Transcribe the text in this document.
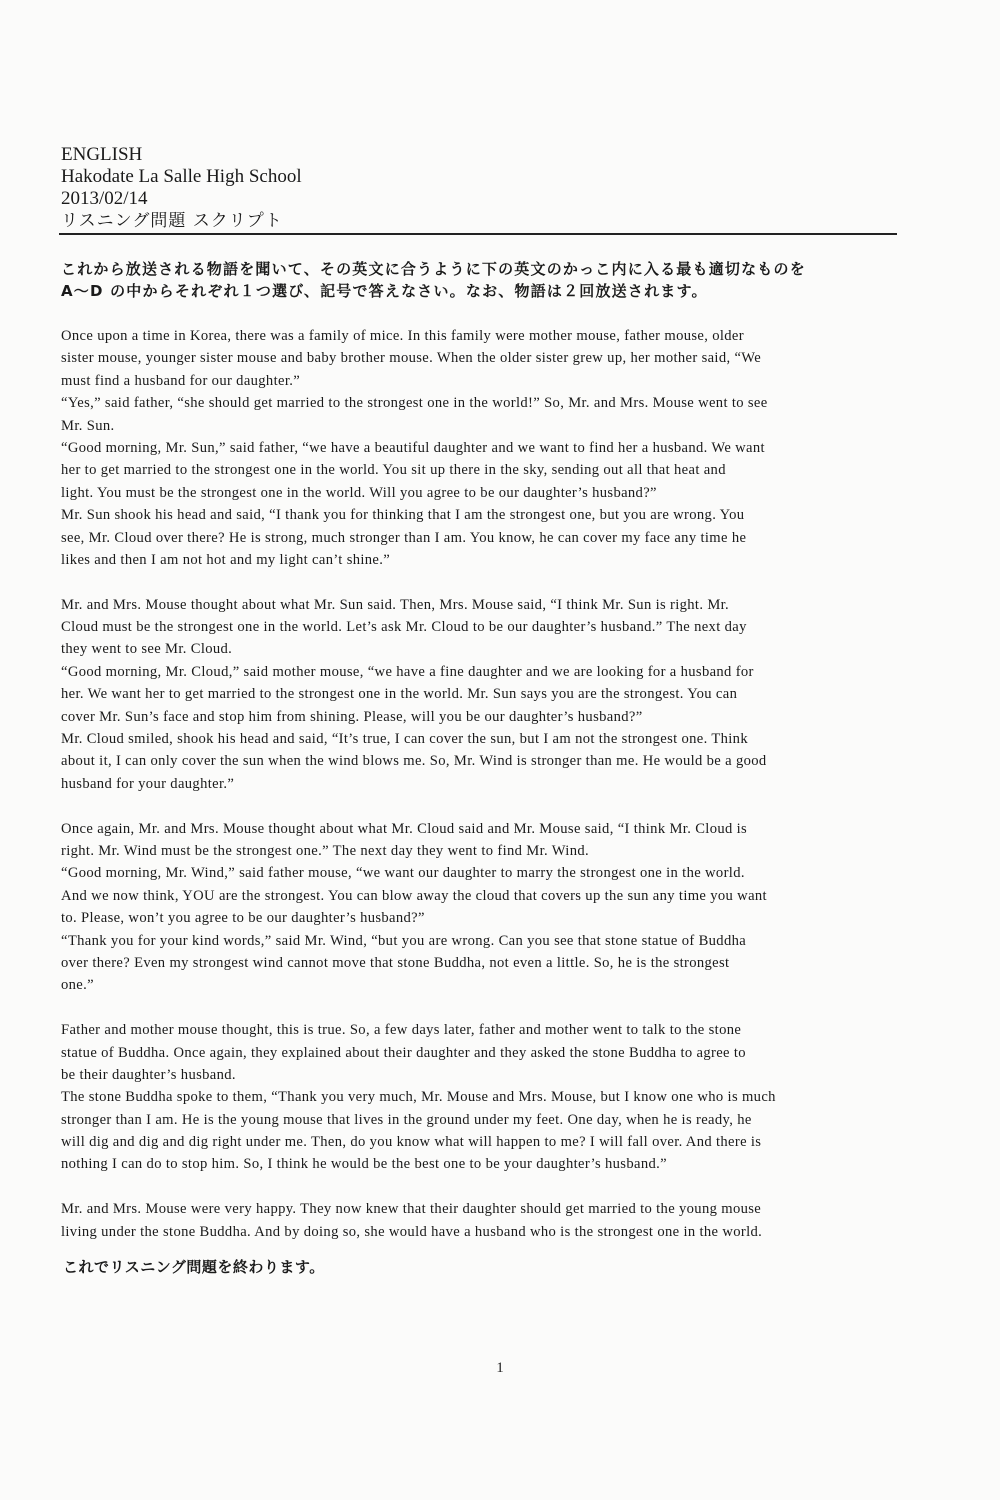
ENGLISH
Hakodate La Salle High School
2013/02/14
リスニング問題 スクリプト
これから放送される物語を聞いて、その英文に合うように下の英文のかっこ内に入る最も適切なものを
A〜D の中からそれぞれ１つ選び、記号で答えなさい。なお、物語は２回放送されます。
Once upon a time in Korea, there was a family of mice. In this family were mother mouse, father mouse, older
sister mouse, younger sister mouse and baby brother mouse. When the older sister grew up, her mother said, “We
must find a husband for our daughter.”
“Yes,” said father, “she should get married to the strongest one in the world!” So, Mr. and Mrs. Mouse went to see
Mr. Sun.
“Good morning, Mr. Sun,” said father, “we have a beautiful daughter and we want to find her a husband. We want
her to get married to the strongest one in the world. You sit up there in the sky, sending out all that heat and
light. You must be the strongest one in the world. Will you agree to be our daughter’s husband?”
Mr. Sun shook his head and said, “I thank you for thinking that I am the strongest one, but you are wrong. You
see, Mr. Cloud over there? He is strong, much stronger than I am. You know, he can cover my face any time he
likes and then I am not hot and my light can’t shine.”
Mr. and Mrs. Mouse thought about what Mr. Sun said. Then, Mrs. Mouse said, “I think Mr. Sun is right. Mr.
Cloud must be the strongest one in the world. Let’s ask Mr. Cloud to be our daughter’s husband.” The next day
they went to see Mr. Cloud.
“Good morning, Mr. Cloud,” said mother mouse, “we have a fine daughter and we are looking for a husband for
her. We want her to get married to the strongest one in the world. Mr. Sun says you are the strongest. You can
cover Mr. Sun’s face and stop him from shining. Please, will you be our daughter’s husband?”
Mr. Cloud smiled, shook his head and said, “It’s true, I can cover the sun, but I am not the strongest one. Think
about it, I can only cover the sun when the wind blows me. So, Mr. Wind is stronger than me. He would be a good
husband for your daughter.”
Once again, Mr. and Mrs. Mouse thought about what Mr. Cloud said and Mr. Mouse said, “I think Mr. Cloud is
right. Mr. Wind must be the strongest one.” The next day they went to find Mr. Wind.
“Good morning, Mr. Wind,” said father mouse, “we want our daughter to marry the strongest one in the world.
And we now think, YOU are the strongest. You can blow away the cloud that covers up the sun any time you want
to. Please, won’t you agree to be our daughter’s husband?”
“Thank you for your kind words,” said Mr. Wind, “but you are wrong. Can you see that stone statue of Buddha
over there? Even my strongest wind cannot move that stone Buddha, not even a little. So, he is the strongest
one.”
Father and mother mouse thought, this is true. So, a few days later, father and mother went to talk to the stone
statue of Buddha. Once again, they explained about their daughter and they asked the stone Buddha to agree to
be their daughter’s husband.
The stone Buddha spoke to them, “Thank you very much, Mr. Mouse and Mrs. Mouse, but I know one who is much
stronger than I am. He is the young mouse that lives in the ground under my feet. One day, when he is ready, he
will dig and dig and dig right under me. Then, do you know what will happen to me? I will fall over. And there is
nothing I can do to stop him. So, I think he would be the best one to be your daughter’s husband.”
Mr. and Mrs. Mouse were very happy. They now knew that their daughter should get married to the young mouse
living under the stone Buddha. And by doing so, she would have a husband who is the strongest one in the world.
これでリスニング問題を終わります。
1
